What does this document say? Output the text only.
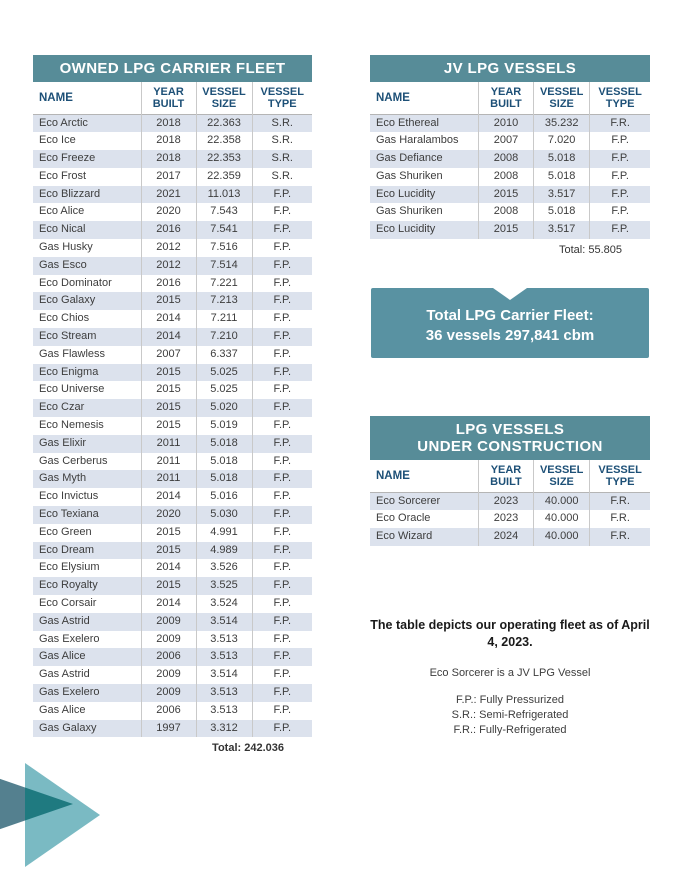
OWNED LPG CARRIER FLEET
NAME	YEAR BUILT	VESSEL SIZE	VESSEL TYPE
Eco Arctic	2018	22.363	S.R.
Eco Ice	2018	22.358	S.R.
Eco Freeze	2018	22.353	S.R.
Eco Frost	2017	22.359	S.R.
Eco Blizzard	2021	11.013	F.P.
Eco Alice	2020	7.543	F.P.
Eco Nical	2016	7.541	F.P.
Gas Husky	2012	7.516	F.P.
Gas Esco	2012	7.514	F.P.
Eco Dominator	2016	7.221	F.P.
Eco Galaxy	2015	7.213	F.P.
Eco Chios	2014	7.211	F.P.
Eco Stream	2014	7.210	F.P.
Gas Flawless	2007	6.337	F.P.
Eco Enigma	2015	5.025	F.P.
Eco Universe	2015	5.025	F.P.
Eco Czar	2015	5.020	F.P.
Eco Nemesis	2015	5.019	F.P.
Gas Elixir	2011	5.018	F.P.
Gas Cerberus	2011	5.018	F.P.
Gas Myth	2011	5.018	F.P.
Eco Invictus	2014	5.016	F.P.
Eco Texiana	2020	5.030	F.P.
Eco Green	2015	4.991	F.P.
Eco Dream	2015	4.989	F.P.
Eco Elysium	2014	3.526	F.P.
Eco Royalty	2015	3.525	F.P.
Eco Corsair	2014	3.524	F.P.
Gas Astrid	2009	3.514	F.P.
Gas Exelero	2009	3.513	F.P.
Gas Alice	2006	3.513	F.P.
Gas Astrid	2009	3.514	F.P.
Gas Exelero	2009	3.513	F.P.
Gas Alice	2006	3.513	F.P.
Gas Galaxy	1997	3.312	F.P.
Total: 242.036
JV LPG VESSELS
NAME	YEAR BUILT	VESSEL SIZE	VESSEL TYPE
Eco Ethereal	2010	35.232	F.R.
Gas Haralambos	2007	7.020	F.P.
Gas Defiance	2008	5.018	F.P.
Gas Shuriken	2008	5.018	F.P.
Eco Lucidity	2015	3.517	F.P.
Gas Shuriken	2008	5.018	F.P.
Eco Lucidity	2015	3.517	F.P.
Total: 55.805
Total LPG Carrier Fleet:
36 vessels 297,841 cbm
LPG VESSELS
UNDER CONSTRUCTION
NAME	YEAR BUILT	VESSEL SIZE	VESSEL TYPE
Eco Sorcerer	2023	40.000	F.R.
Eco Oracle	2023	40.000	F.R.
Eco Wizard	2024	40.000	F.R.
The table depicts our operating fleet as of April 4, 2023.
Eco Sorcerer is a JV LPG Vessel
F.P.: Fully Pressurized
S.R.: Semi-Refrigerated
F.R.: Fully-Refrigerated
